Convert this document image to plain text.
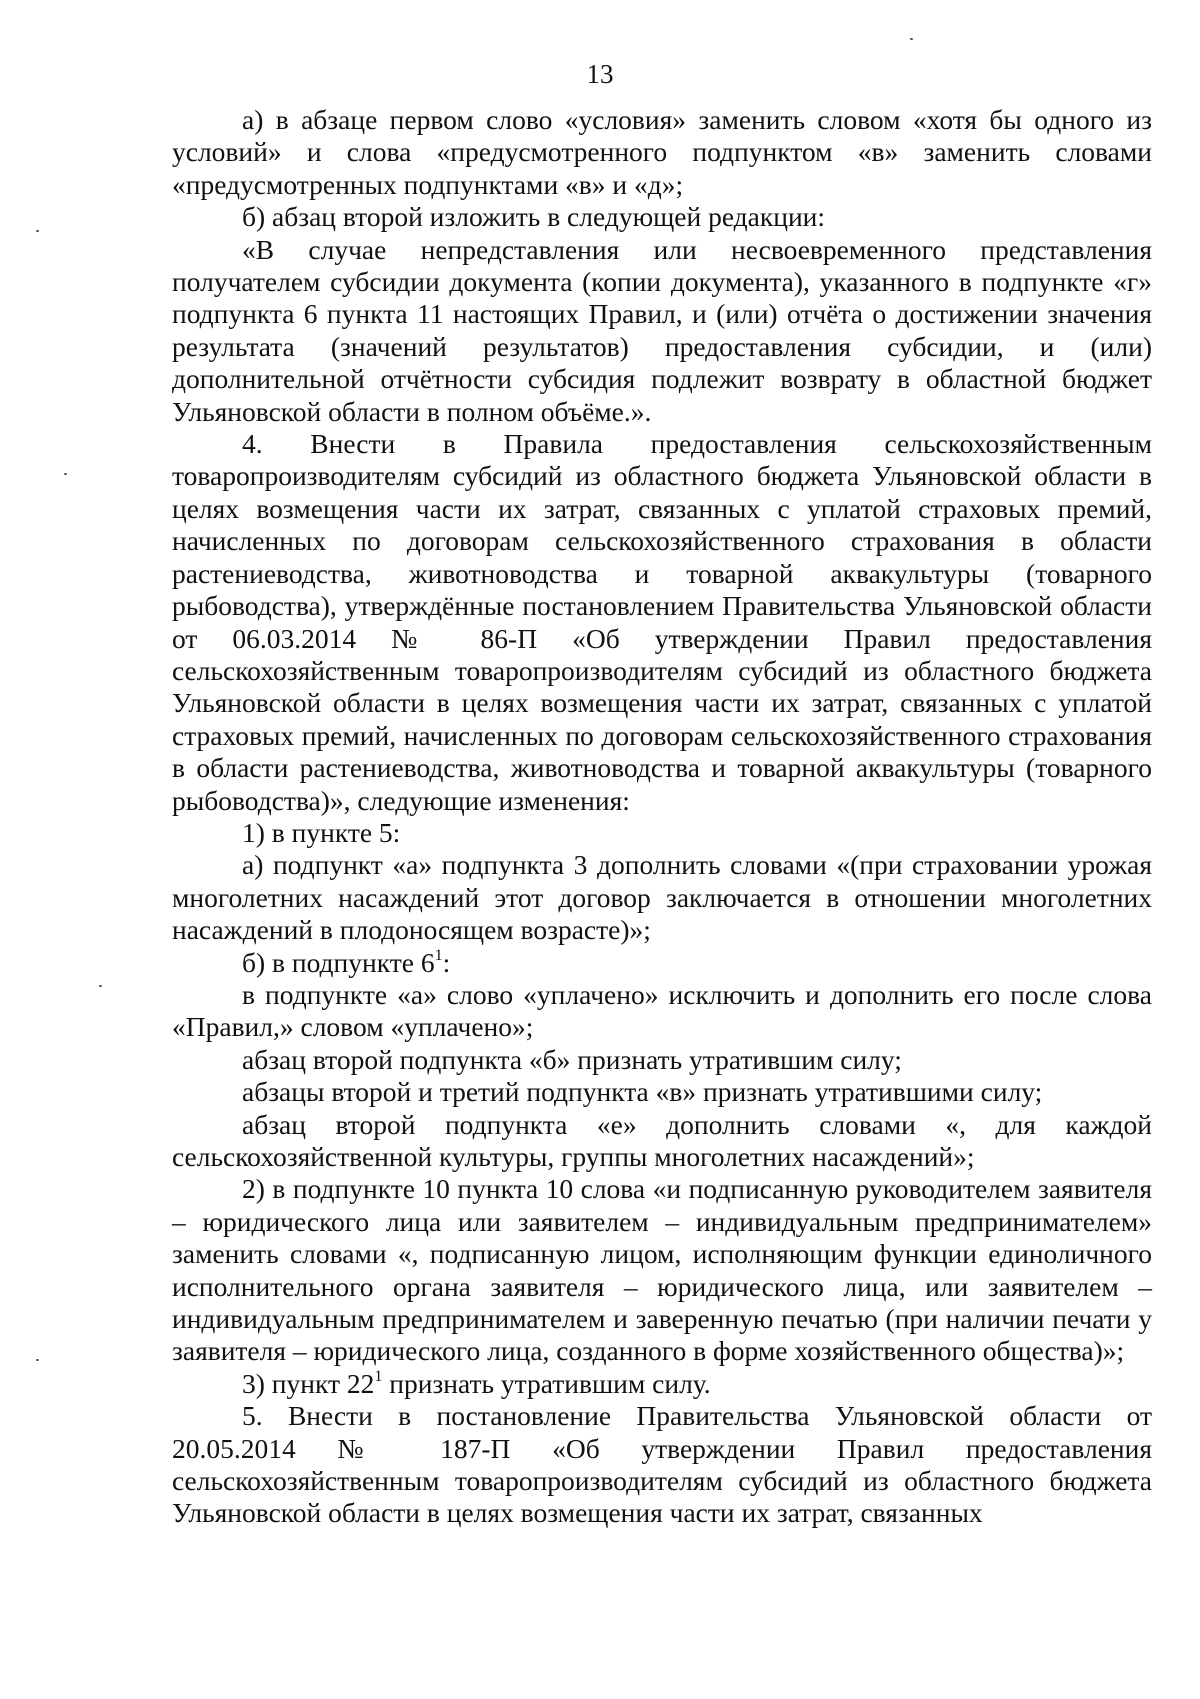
13

а) в абзаце первом слово «условия» заменить словом «хотя бы одного из условий» и слова «предусмотренного подпунктом «в» заменить словами «предусмотренных подпунктами «в» и «д»;

б) абзац второй изложить в следующей редакции:

«В случае непредставления или несвоевременного представления получателем субсидии документа (копии документа), указанного в подпункте «г» подпункта 6 пункта 11 настоящих Правил, и (или) отчёта о достижении значения результата (значений результатов) предоставления субсидии, и (или) дополнительной отчётности субсидия подлежит возврату в областной бюджет Ульяновской области в полном объёме.».

4. Внести в Правила предоставления сельскохозяйственным товаропроизводителям субсидий из областного бюджета Ульяновской области в целях возмещения части их затрат, связанных с уплатой страховых премий, начисленных по договорам сельскохозяйственного страхования в области растениеводства, животноводства и товарной аквакультуры (товарного рыбоводства), утверждённые постановлением Правительства Ульяновской области от 06.03.2014 № 86-П «Об утверждении Правил предоставления сельскохозяйственным товаропроизводителям субсидий из областного бюджета Ульяновской области в целях возмещения части их затрат, связанных с уплатой страховых премий, начисленных по договорам сельскохозяйственного страхования в области растениеводства, животноводства и товарной аквакультуры (товарного рыбоводства)», следующие изменения:

1) в пункте 5:

а) подпункт «а» подпункта 3 дополнить словами «(при страховании урожая многолетних насаждений этот договор заключается в отношении многолетних насаждений в плодоносящем возрасте)»;

б) в подпункте $6^1$:

в подпункте «а» слово «уплачено» исключить и дополнить его после слова «Правил,» словом «уплачено»;

абзац второй подпункта «б» признать утратившим силу;

абзацы второй и третий подпункта «в» признать утратившими силу;

абзац второй подпункта «е» дополнить словами «, для каждой сельскохозяйственной культуры, группы многолетних насаждений»;

2) в подпункте 10 пункта 10 слова «и подписанную руководителем заявителя – юридического лица или заявителем – индивидуальным предпринимателем» заменить словами «, подписанную лицом, исполняющим функции единоличного исполнительного органа заявителя – юридического лица, или заявителем – индивидуальным предпринимателем и заверенную печатью (при наличии печати у заявителя – юридического лица, созданного в форме хозяйственного общества)»;

3) пункт $22^1$ признать утратившим силу.

5. Внести в постановление Правительства Ульяновской области от 20.05.2014 № 187-П «Об утверждении Правил предоставления сельскохозяйственным товаропроизводителям субсидий из областного бюджета Ульяновской области в целях возмещения части их затрат, связанных
